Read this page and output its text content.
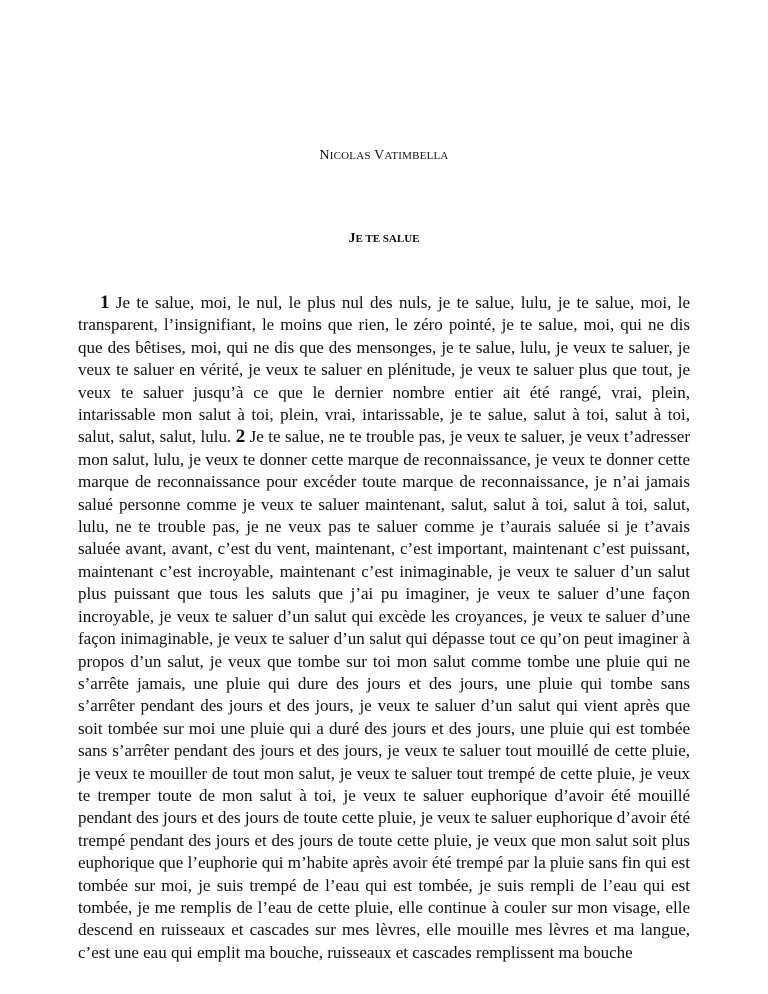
NICOLAS VATIMBELLA
JE TE SALUE

1 Je te salue, moi, le nul, le plus nul des nuls, je te salue, lulu, je te salue, moi, le transparent, l’insignifiant, le moins que rien, le zéro pointé, je te salue, moi, qui ne dis que des bêtises, moi, qui ne dis que des mensonges, je te salue, lulu, je veux te saluer, je veux te saluer en vérité, je veux te saluer en plénitude, je veux te saluer plus que tout, je veux te saluer jusqu’à ce que le dernier nombre entier ait été rangé, vrai, plein, intarissable mon salut à toi, plein, vrai, intarissable, je te salue, salut à toi, salut à toi, salut, salut, salut, lulu. 2 Je te salue, ne te trouble pas, je veux te saluer, je veux t’adresser mon salut, lulu, je veux te donner cette marque de reconnaissance, je veux te donner cette marque de reconnaissance pour excéder toute marque de reconnaissance, je n’ai jamais salué personne comme je veux te saluer maintenant, salut, salut à toi, salut à toi, salut, lulu, ne te trouble pas, je ne veux pas te saluer comme je t’aurais saluée si je t’avais saluée avant, avant, c’est du vent, maintenant, c’est important, maintenant c’est puissant, maintenant c’est incroyable, maintenant c’est inimaginable, je veux te saluer d’un salut plus puissant que tous les saluts que j’ai pu imaginer, je veux te saluer d’une façon incroyable, je veux te saluer d’un salut qui excède les croyances, je veux te saluer d’une façon inimaginable, je veux te saluer d’un salut qui dépasse tout ce qu’on peut imaginer à propos d’un salut, je veux que tombe sur toi mon salut comme tombe une pluie qui ne s’arrête jamais, une pluie qui dure des jours et des jours, une pluie qui tombe sans s’arrêter pendant des jours et des jours, je veux te saluer d’un salut qui vient après que soit tombée sur moi une pluie qui a duré des jours et des jours, une pluie qui est tombée sans s’arrêter pendant des jours et des jours, je veux te saluer tout mouillé de cette pluie, je veux te mouiller de tout mon salut, je veux te saluer tout trempé de cette pluie, je veux te tremper toute de mon salut à toi, je veux te saluer euphorique d’avoir été mouillé pendant des jours et des jours de toute cette pluie, je veux te saluer euphorique d’avoir été trempé pendant des jours et des jours de toute cette pluie, je veux que mon salut soit plus euphorique que l’euphorie qui m’habite après avoir été trempé par la pluie sans fin qui est tombée sur moi, je suis trempé de l’eau qui est tombée, je suis rempli de l’eau qui est tombée, je me remplis de l’eau de cette pluie, elle continue à couler sur mon visage, elle descend en ruisseaux et cascades sur mes lèvres, elle mouille mes lèvres et ma langue, c’est une eau qui emplit ma bouche, ruisseaux et cascades remplissent ma bouche
